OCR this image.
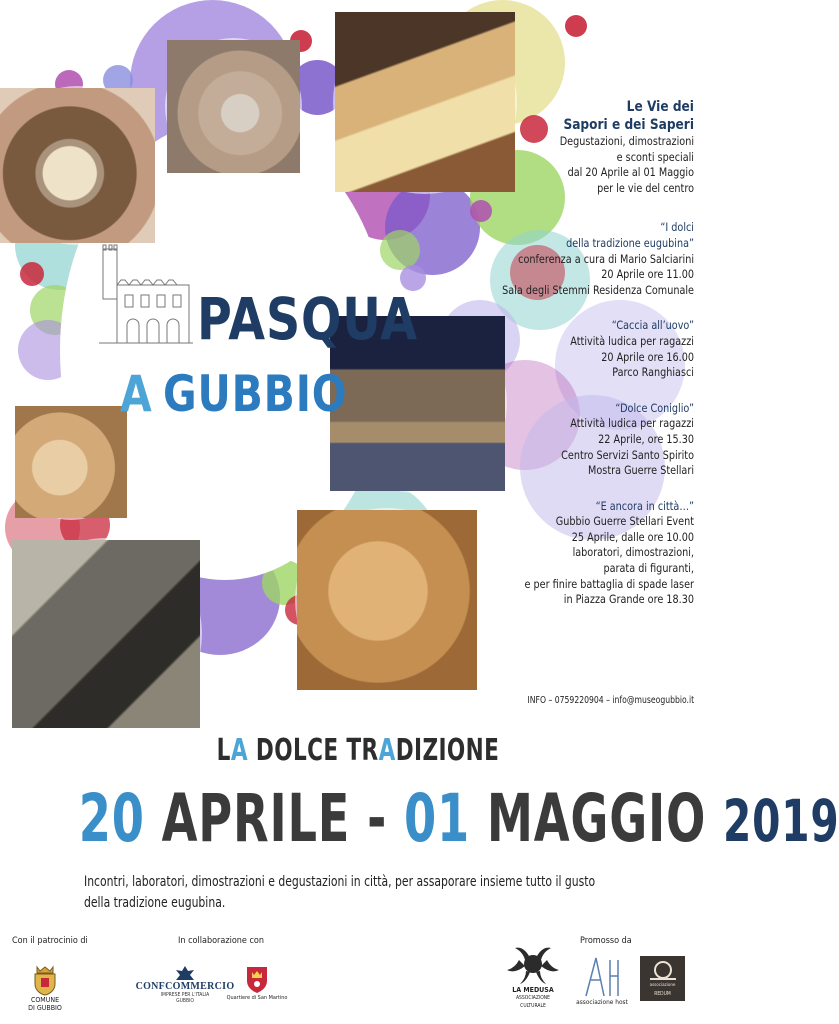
PASQUA
A GUBBIO
Le Vie dei
Sapori e dei Saperi
Degustazioni, dimostrazioni
e sconti speciali
dal 20 Aprile al 01 Maggio
per le vie del centro
“I dolci
della tradizione eugubina”
conferenza a cura di Mario Salciarini
20 Aprile ore 11.00
Sala degli Stemmi Residenza Comunale
“Caccia all’uovo”
Attività ludica per ragazzi
20 Aprile ore 16.00
Parco Ranghiasci
“Dolce Coniglio”
Attività ludica per ragazzi
22 Aprile, ore 15.30
Centro Servizi Santo Spirito
Mostra Guerre Stellari
“E ancora in città…”
Gubbio Guerre Stellari Event
25 Aprile, dalle ore 10.00
laboratori, dimostrazioni,
parata di figuranti,
e per finire battaglia di spade laser
in Piazza Grande ore 18.30
INFO – 0759220904 – info@museogubbio.it
LA DOLCE TRADIZIONE
20 APRILE - 01 MAGGIO 2019
Incontri, laboratori, dimostrazioni e degustazioni in città, per assaporare insieme tutto il gusto della tradizione eugubina.
Con il patrocinio di
COMUNE
DI GUBBIO
In collaborazione con
CONFCOMMERCIO
IMPRESE PER L'ITALIA
GUBBIO	Quartiere di San Martino
Promosso da
LA MEDUSA
ASSOCIAZIONE
CULTURALE	associazione host
associazione
REDUM
